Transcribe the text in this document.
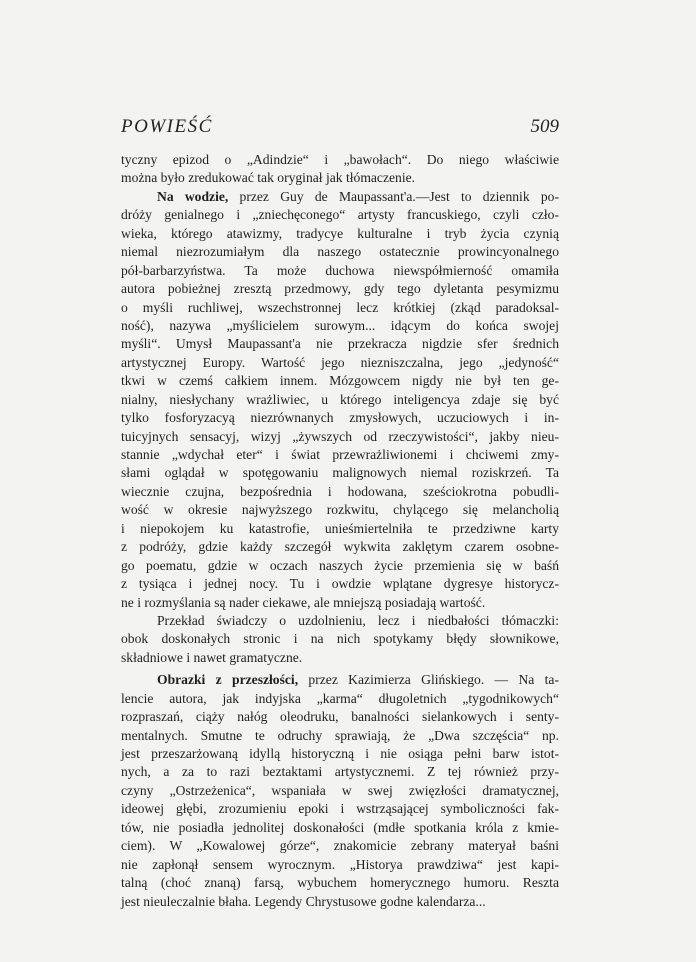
POWIEŚĆ	509
tyczny epizod o „Adindzie“ i „bawołach“. Do niego właściwie
można było zredukować tak oryginał jak tłómaczenie.
Na wodzie, przez Guy de Maupassant'a.—Jest to dziennik po-
dróży genialnego i „zniechęconego“ artysty francuskiego, czyli czło-
wieka, którego atawizmy, tradycye kulturalne i tryb życia czynią
niemal niezrozumiałym dla naszego ostatecznie prowincyonalnego
pół-barbarzyństwa. Ta może duchowa niewspółmierność omamiła
autora pobieżnej zresztą przedmowy, gdy tego dyletanta pesymizmu
o myśli ruchliwej, wszechstronnej lecz krótkiej (zkąd paradoksal-
ność), nazywa „myślicielem surowym... idącym do końca swojej
myśli“. Umysł Maupassant'a nie przekracza nigdzie sfer średnich
artystycznej Europy. Wartość jego niezniszczalna, jego „jedyność“
tkwi w czemś całkiem innem. Mózgowcem nigdy nie był ten ge-
nialny, niesłychany wrażliwiec, u którego inteligencya zdaje się być
tylko fosforyzacyą niezrównanych zmysłowych, uczuciowych i in-
tuicyjnych sensacyj, wizyj „żywszych od rzeczywistości“, jakby nieu-
stannie „wdychał eter“ i świat przewrażliwionemi i chciwemi zmy-
słami oglądał w spotęgowaniu malignowych niemal roziskrzeń. Ta
wiecznie czujna, bezpośrednia i hodowana, sześciokrotna pobudli-
wość w okresie najwyższego rozkwitu, chylącego się melancholią
i niepokojem ku katastrofie, unieśmiertelniła te przedziwne karty
z podróży, gdzie każdy szczegół wykwita zaklętym czarem osobne-
go poematu, gdzie w oczach naszych życie przemienia się w baśń
z tysiąca i jednej nocy. Tu i owdzie wplątane dygresye historycz-
ne i rozmyślania są nader ciekawe, ale mniejszą posiadają wartość.
Przekład świadczy o uzdolnieniu, lecz i niedbałości tłómaczki:
obok doskonałych stronic i na nich spotykamy błędy słownikowe,
składniowe i nawet gramatyczne.
Obrazki z przeszłości, przez Kazimierza Glińskiego. — Na ta-
lencie autora, jak indyjska „karma“ długoletnich „tygodnikowych“
rozpraszań, ciąży nałóg oleodruku, banalności sielankowych i senty-
mentalnych. Smutne te odruchy sprawiają, że „Dwa szczęścia“ np.
jest przeszarżowaną idyllą historyczną i nie osiąga pełni barw istot-
nych, a za to razi beztaktami artystycznemi. Z tej również przy-
czyny „Ostrzeżenica“, wspaniała w swej zwięzłości dramatycznej,
ideowej głębi, zrozumieniu epoki i wstrząsającej symboliczności fak-
tów, nie posiadła jednolitej doskonałości (mdłe spotkania króla z kmie-
ciem). W „Kowalowej górze“, znakomicie zebrany materyał baśni
nie zapłonął sensem wyrocznym. „Historya prawdziwa“ jest kapi-
talną (choć znaną) farsą, wybuchem homerycznego humoru. Reszta
jest nieuleczalnie błaha. Legendy Chrystusowe godne kalendarza...
